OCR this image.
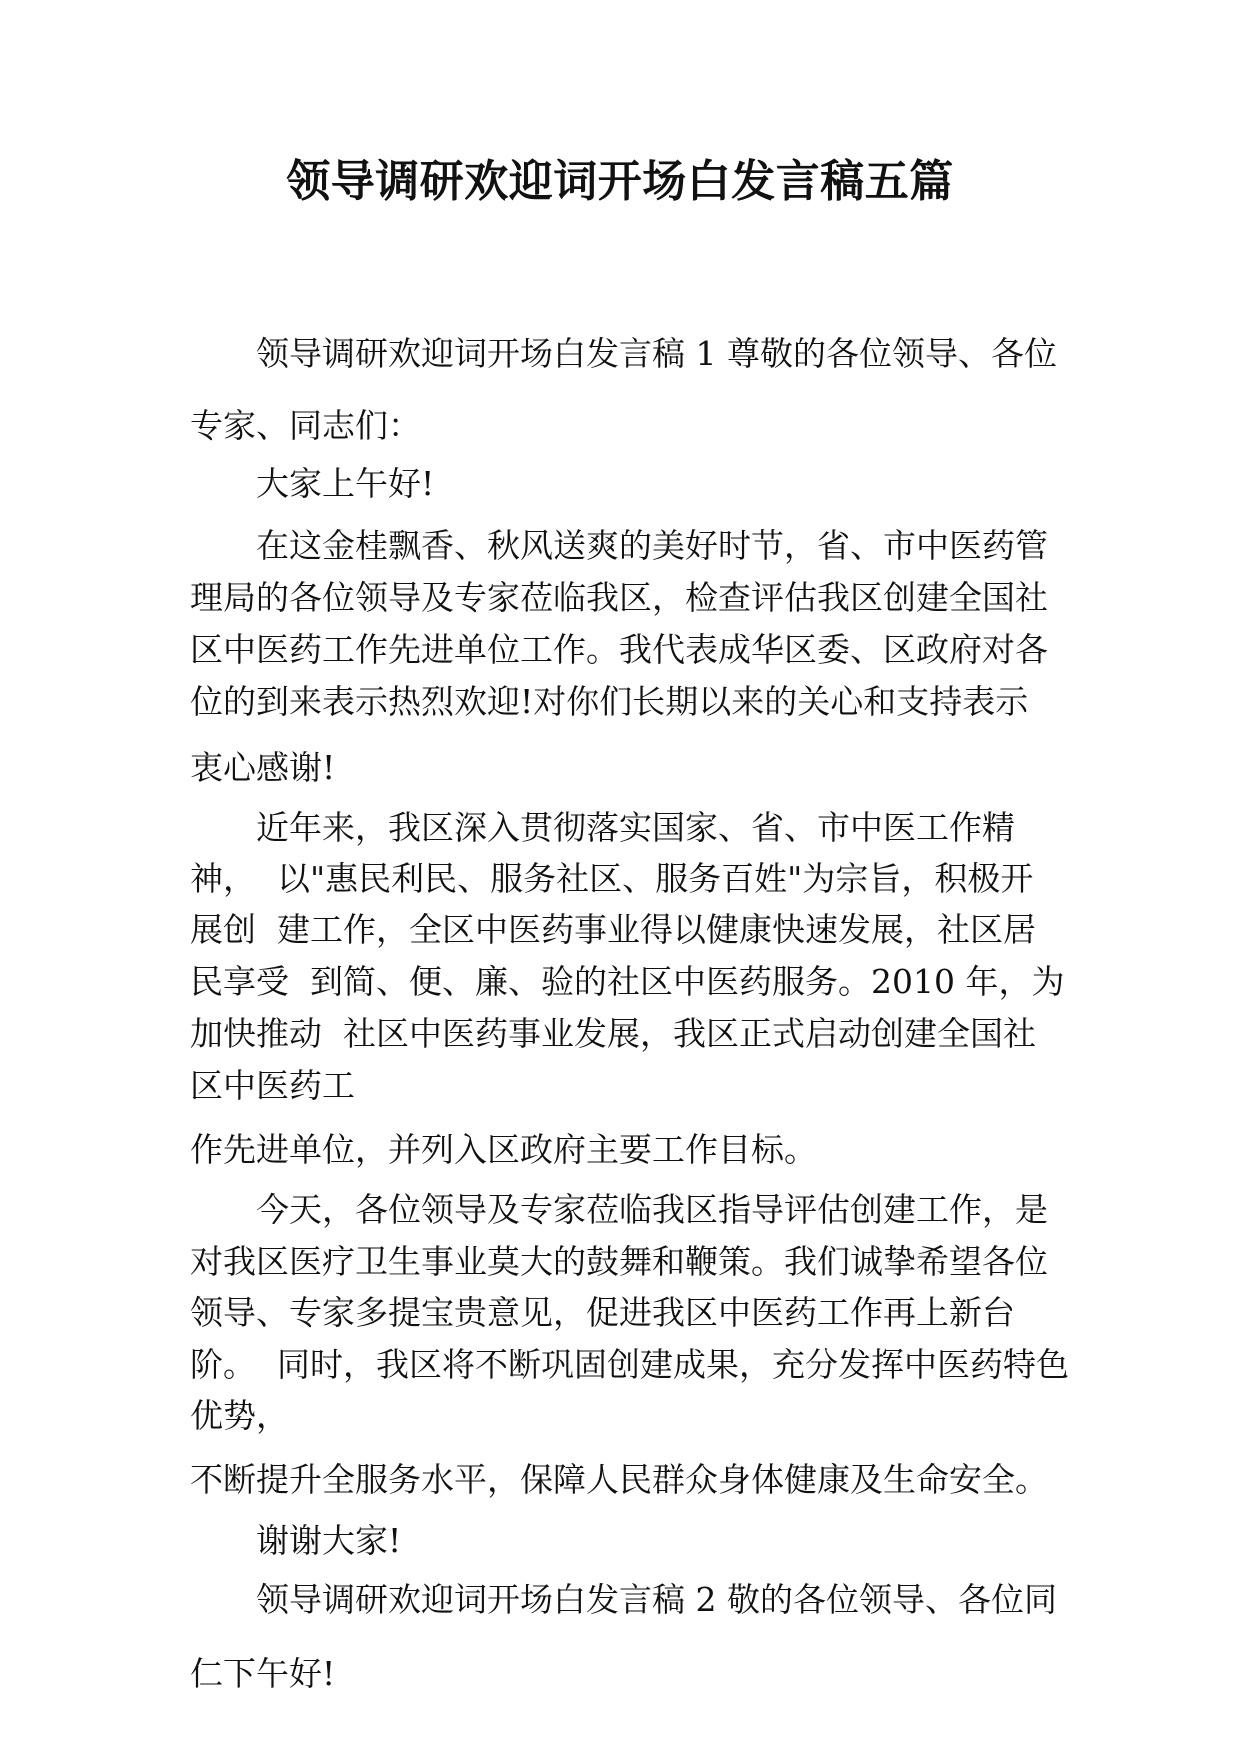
领导调研欢迎词开场白发言稿五篇
领导调研欢迎词开场白发言稿 1 尊敬的各位领导、各位
专家、同志们：
大家上午好!
在这金桂飘香、秋风送爽的美好时节，省、市中医药管
理局的各位领导及专家莅临我区，检查评估我区创建全国社
区中医药工作先进单位工作。我代表成华区委、区政府对各
位的到来表示热烈欢迎!对你们长期以来的关心和支持表示
衷心感谢!
近年来，我区深入贯彻落实国家、省、市中医工作精
神，  以"惠民利民、服务社区、服务百姓"为宗旨，积极开
展创  建工作，全区中医药事业得以健康快速发展，社区居
民享受  到简、便、廉、验的社区中医药服务。2010 年，为
加快推动  社区中医药事业发展，我区正式启动创建全国社
区中医药工
作先进单位，并列入区政府主要工作目标。
今天，各位领导及专家莅临我区指导评估创建工作，是
对我区医疗卫生事业莫大的鼓舞和鞭策。我们诚挚希望各位
领导、专家多提宝贵意见，促进我区中医药工作再上新台
阶。  同时，我区将不断巩固创建成果，充分发挥中医药特色
优势，
不断提升全服务水平，保障人民群众身体健康及生命安全。
谢谢大家!
领导调研欢迎词开场白发言稿 2 敬的各位领导、各位同
仁下午好!
